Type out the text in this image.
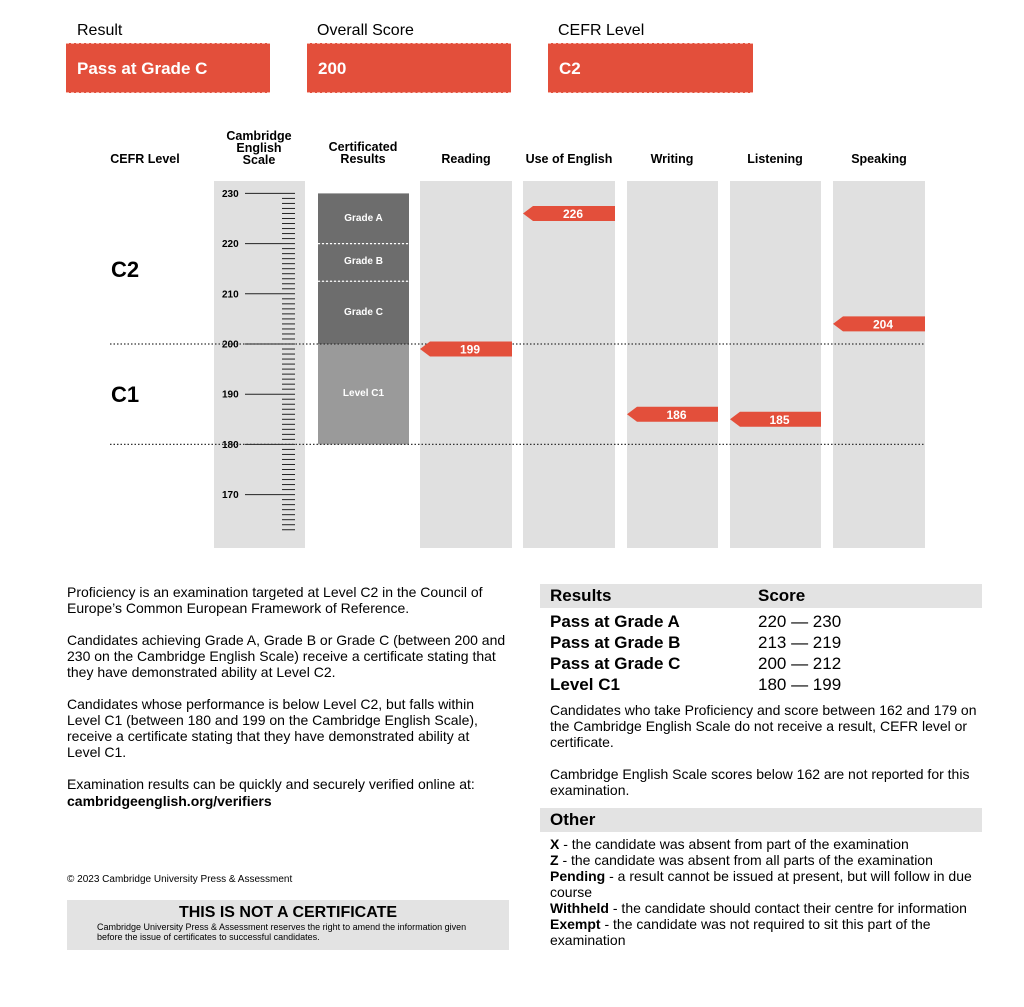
Result
Pass at Grade C
Overall Score
200
CEFR Level
C2
CEFR Level
Cambridge
English
Scale
Certificated
Results	Reading	Use of English	Writing	Listening	Speaking
C2
C1
170
180
190
200
210
220
230
199
226
186	185
204
Grade A
Grade B
Grade C
Level C1
Proficiency is an examination targeted at Level C2 in the Council of Europe’s Common European Framework of Reference.
Candidates achieving Grade A, Grade B or Grade C (between 200 and 230 on the Cambridge English Scale) receive a certificate stating that they have demonstrated ability at Level C2.
Candidates whose performance is below Level C2, but falls within Level C1 (between 180 and 199 on the Cambridge English Scale), receive a certificate stating that they have demonstrated ability at Level C1.
Examination results can be quickly and securely verified online at:
cambridgeenglish.org/verifiers
© 2023 Cambridge University Press & Assessment
THIS IS NOT A CERTIFICATE
Cambridge University Press & Assessment reserves the right to amend the information given before the issue of certificates to successful candidates.
Results	Score
Pass at Grade A	220 — 230
Pass at Grade B	213 — 219
Pass at Grade C	200 — 212
Level C1	180 — 199
Candidates who take Proficiency and score between 162 and 179 on the Cambridge English Scale do not receive a result, CEFR level or certificate.
Cambridge English Scale scores below 162 are not reported for this examination.
Other
X - the candidate was absent from part of the examination
Z - the candidate was absent from all parts of the examination
Pending - a result cannot be issued at present, but will follow in due course
Withheld - the candidate should contact their centre for information
Exempt - the candidate was not required to sit this part of the examination
